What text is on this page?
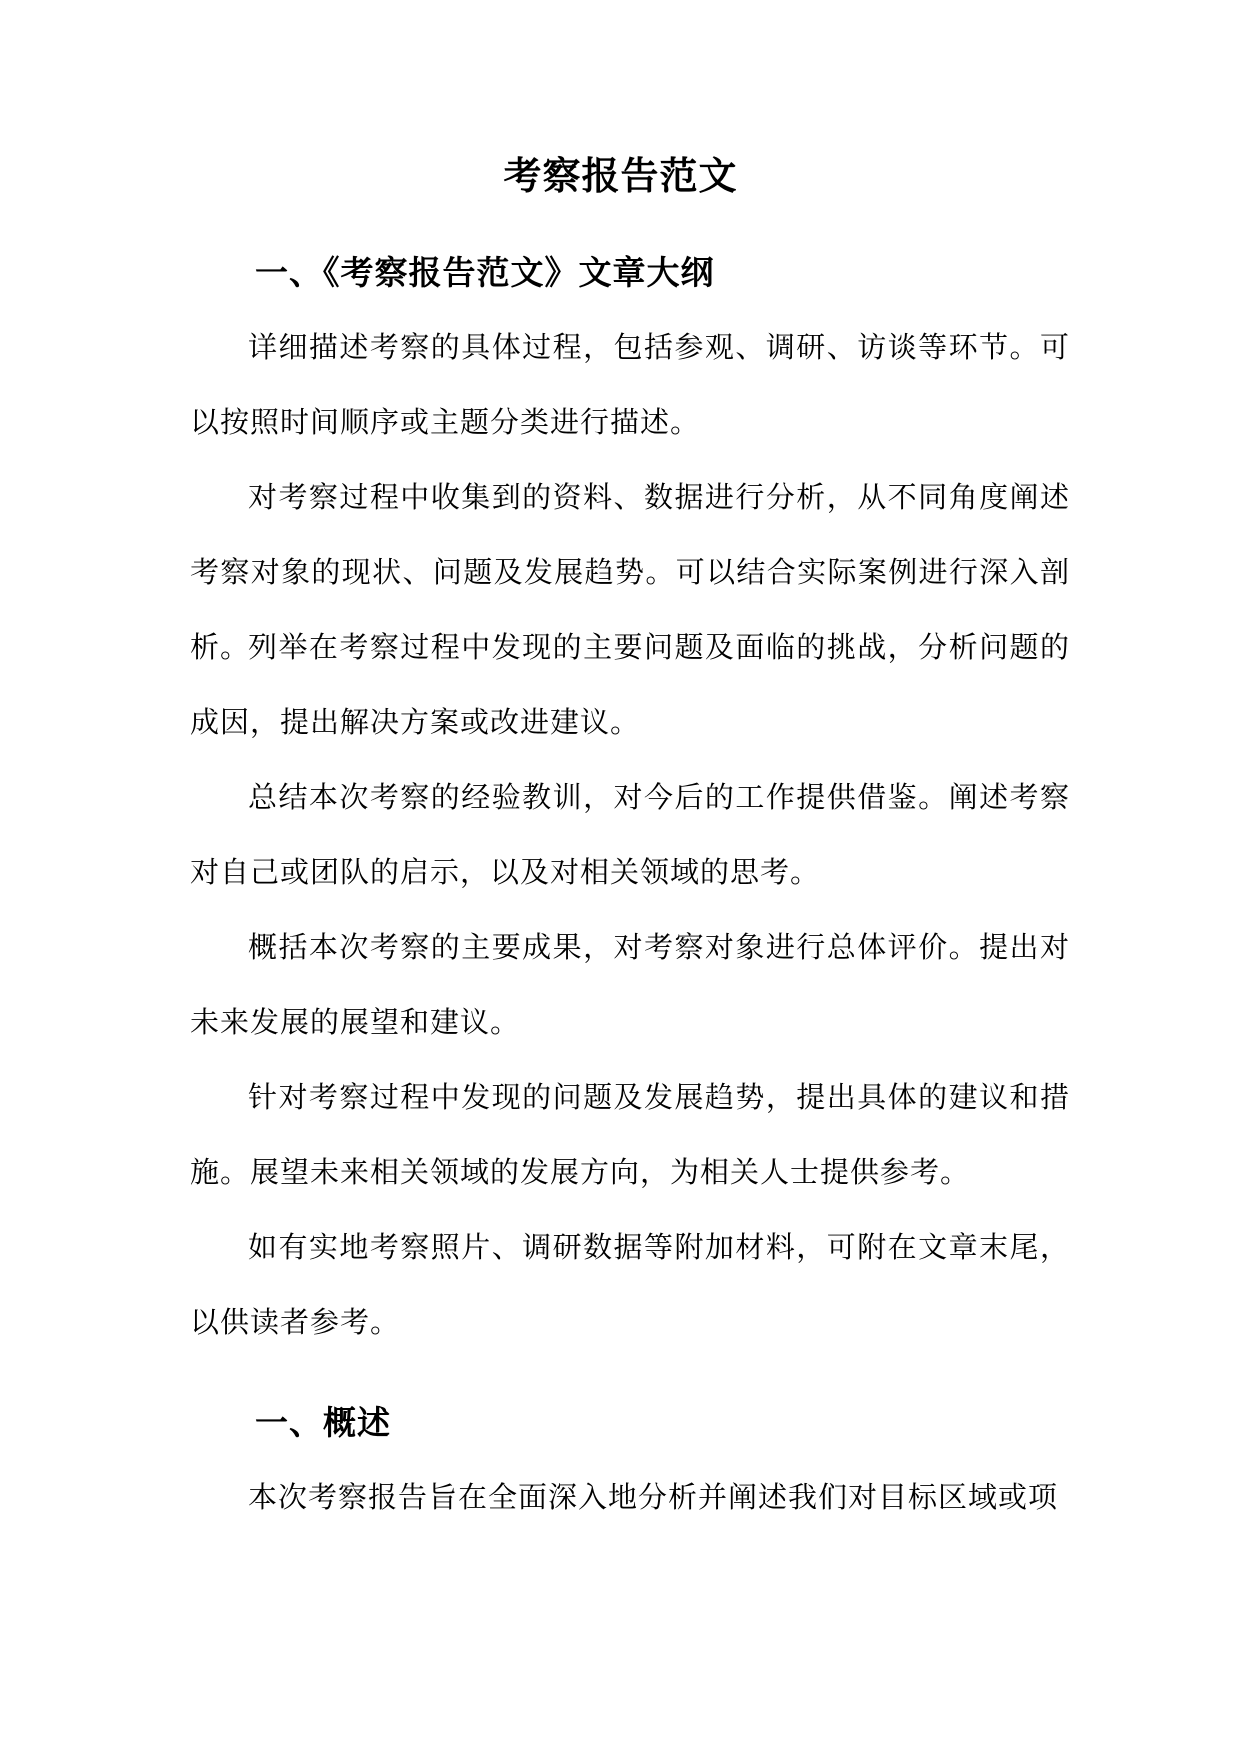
考察报告范文
一、《考察报告范文》文章大纲

详细描述考察的具体过程，包括参观、调研、访谈等环节。可以按照时间顺序或主题分类进行描述。

对考察过程中收集到的资料、数据进行分析，从不同角度阐述考察对象的现状、问题及发展趋势。可以结合实际案例进行深入剖析。

列举在考察过程中发现的主要问题及面临的挑战，分析问题的成因，提出解决方案或改进建议。

总结本次考察的经验教训，对今后的工作提供借鉴。阐述考察对自己或团队的启示，以及对相关领域的思考。

概括本次考察的主要成果，对考察对象进行总体评价。提出对未来发展的展望和建议。

针对考察过程中发现的问题及发展趋势，提出具体的建议和措施。展望未来相关领域的发展方向，为相关人士提供参考。

如有实地考察照片、调研数据等附加材料，可附在文章末尾，以供读者参考。

一、概述

本次考察报告旨在全面深入地分析并阐述我们对目标区域或项
